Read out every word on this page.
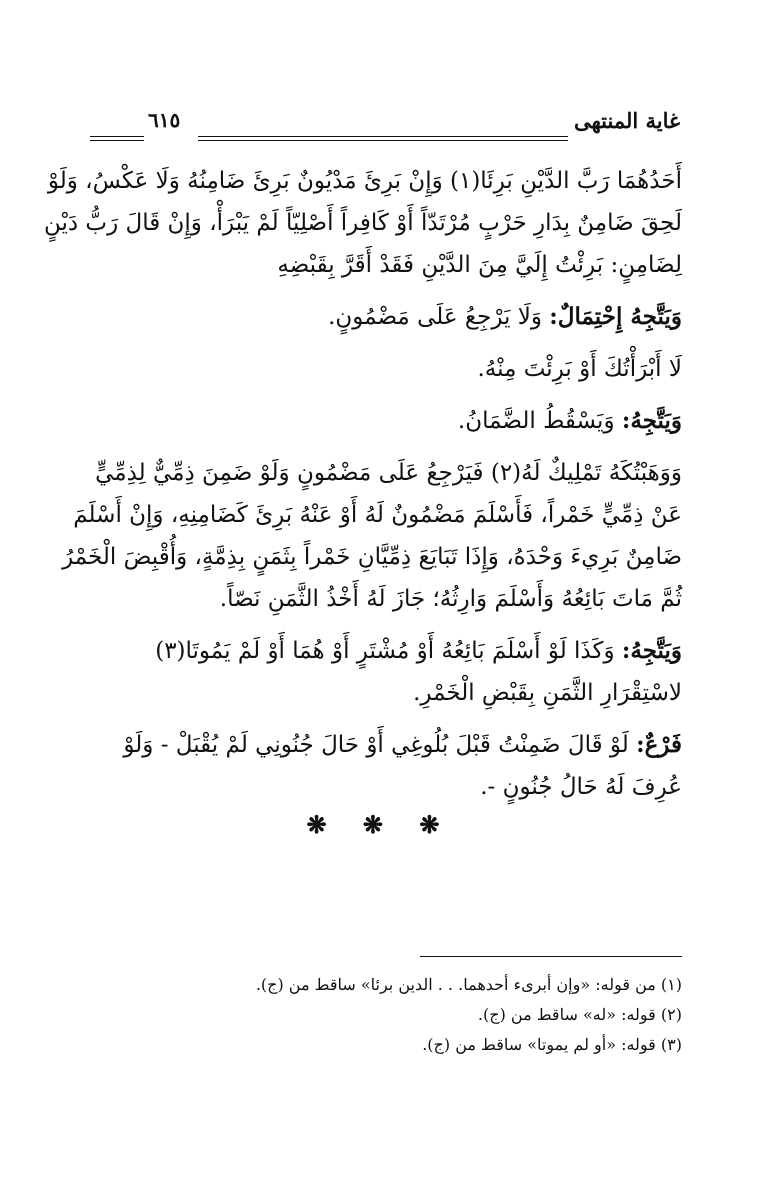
غاية المنتهى
٦١٥
أَحَدُهُمَا رَبَّ الدَّيْنِ بَرِئَا(١) وَإِنْ بَرِئَ مَدْيُونٌ بَرِئَ ضَامِنُهُ وَلَا عَكْسُ، وَلَوْ
لَحِقَ ضَامِنٌ بِدَارِ حَرْبٍ مُرْتَدّاً أَوْ كَافِراً أَصْلِيّاً لَمْ يَبْرَأْ، وَإِنْ قَالَ رَبُّ دَيْنٍ
لِضَامِنٍ: بَرِئْتُ إِلَيَّ مِنَ الدَّيْنِ فَقَدْ أَقَرَّ بِقَبْضِهِ
وَيَتَّجِهُ إِحْتِمَالٌ: وَلَا يَرْجِعُ عَلَى مَضْمُونٍ.
لَا أَبْرَأْتُكَ أَوْ بَرِئْتَ مِنْهُ.
وَيَتَّجِهُ: وَيَسْقُطُ الضَّمَانُ.
وَوَهَبْتُكَهُ تَمْلِيكٌ لَهُ(٢) فَيَرْجِعُ عَلَى مَضْمُونٍ وَلَوْ ضَمِنَ ذِمِّيٌّ لِذِمِّيٍّ
عَنْ ذِمِّيٍّ خَمْراً، فَأَسْلَمَ مَضْمُونٌ لَهُ أَوْ عَنْهُ بَرِئَ كَضَامِنِهِ، وَإِنْ أَسْلَمَ
ضَامِنٌ بَرِيءَ وَحْدَهُ، وَإِذَا تَبَايَعَ ذِمِّيَّانِ خَمْراً بِثَمَنٍ بِذِمَّةٍ، وَأُقْبِضَ الْخَمْرُ
ثُمَّ مَاتَ بَائِعُهُ وَأَسْلَمَ وَارِثُهُ؛ جَازَ لَهُ أَخْذُ الثَّمَنِ نَصّاً.
وَيَتَّجِهُ: وَكَذَا لَوْ أَسْلَمَ بَائِعُهُ أَوْ مُشْتَرٍ أَوْ هُمَا أَوْ لَمْ يَمُوتَا(٣)
لاسْتِقْرَارِ الثَّمَنِ بِقَبْضِ الْخَمْرِ.
فَرْعٌ: لَوْ قَالَ ضَمِنْتُ قَبْلَ بُلُوغِي أَوْ حَالَ جُنُونِي لَمْ يُقْبَلْ - وَلَوْ
عُرِفَ لَهُ حَالُ جُنُونٍ -.
❋ ❋ ❋
(١) من قوله: «وإن أبرىء أحدهما. . . الدين برئا» ساقط من (ج).
(٢) قوله: «له» ساقط من (ج).
(٣) قوله: «أو لم يموتا» ساقط من (ج).
